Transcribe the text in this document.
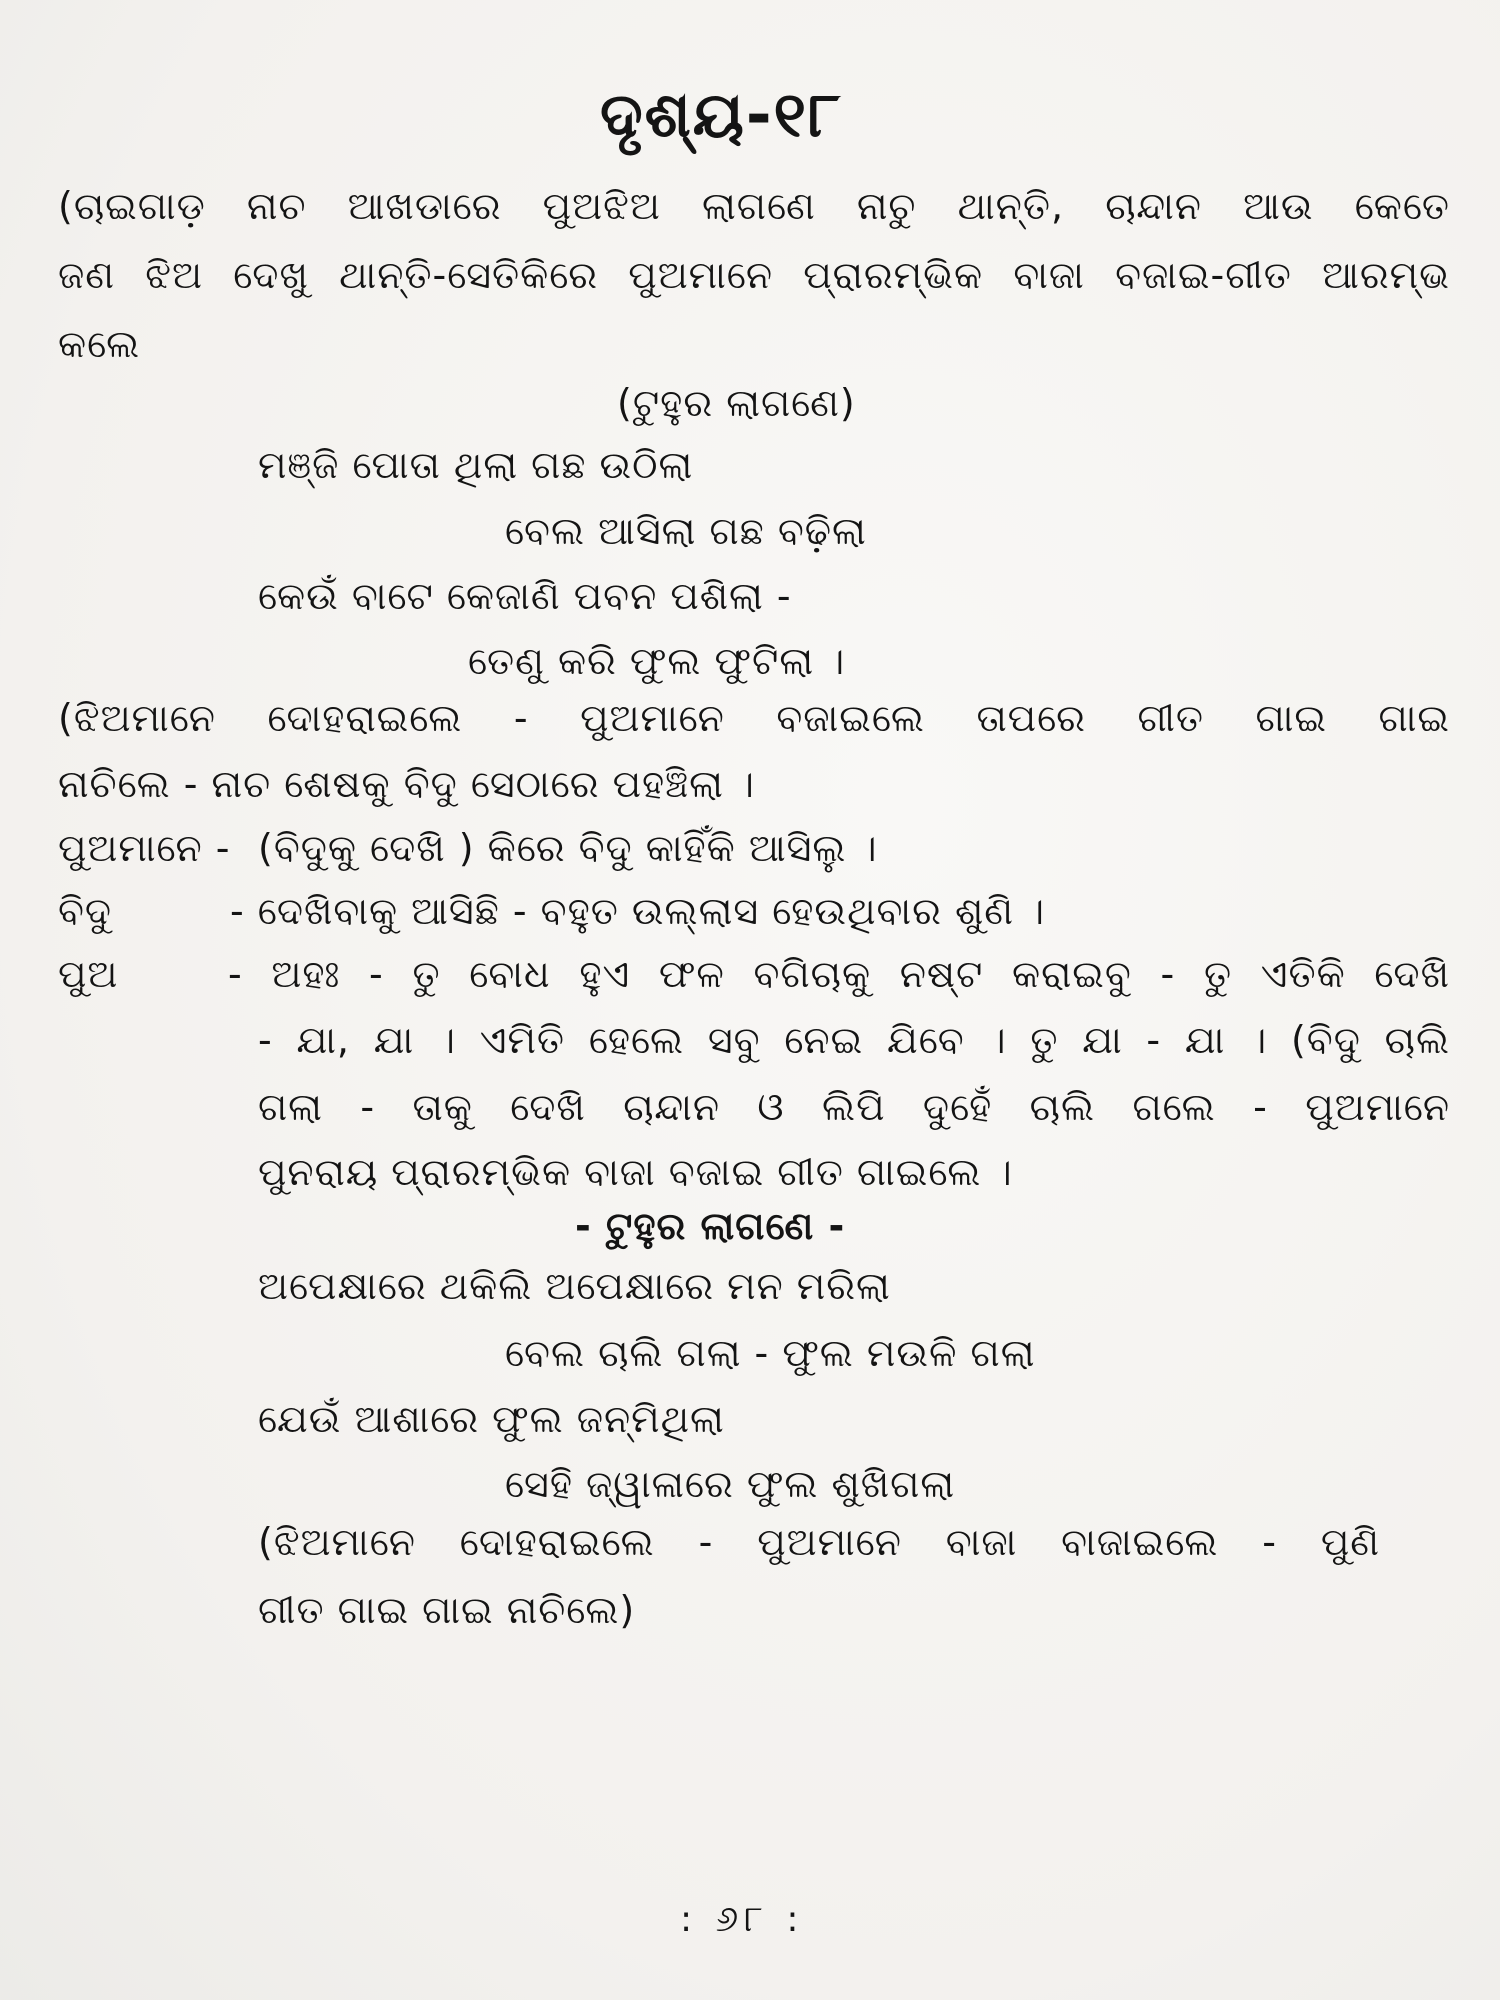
ଦୃଶ୍ୟ-୧୮
(ଚାଇଗାଡ଼ ନାଚ ଆଖଡାରେ ପୁଅଝିଅ ଲାଗଣେ ନାଚୁ ଥାନ୍ତି, ଚାନ୍ଦାନ ଆଉ କେତେ
ଜଣ ଝିଅ ଦେଖୁ ଥାନ୍ତି-ସେତିକିରେ ପୁଅମାନେ ପ୍ରାରମ୍ଭିକ ବାଜା ବଜାଇ-ଗୀତ ଆରମ୍ଭ
କଲେ
(ଟୁହୁର ଲାଗଣେ)
ମଞ୍ଜି ପୋତା ଥିଲା ଗଛ ଉଠିଲା
ବେଲ ଆସିଲା ଗଛ ବଢ଼ିଲା
କେଉଁ ବାଟେ କେଜାଣି ପବନ ପଶିଲା -
ତେଣୁ କରି ଫୁଲ ଫୁଟିଲା ।
(ଝିଅମାନେ ଦୋହରାଇଲେ - ପୁଅମାନେ ବଜାଇଲେ ତାପରେ ଗୀତ ଗାଇ ଗାଇ
ନାଚିଲେ - ନାଚ ଶେଷକୁ ବିଦୁ ସେଠାରେ ପହଞ୍ଚିଲା ।
ପୁଅମାନେ - (ବିଦୁକୁ ଦେଖି ) କିରେ ବିଦୁ କାହିଁକି ଆସିଲୁ ।
ବିଦୁ	- ଦେଖିବାକୁ ଆସିଛି - ବହୁତ ଉଲ୍ଲାସ ହେଉଥିବାର ଶୁଣି ।
ପୁଅ	- ଅହଃ - ତୁ ବୋଧ ହୁଏ ଫଳ ବଗିଚାକୁ ନଷ୍ଟ କରାଇବୁ - ତୁ ଏତିକି ଦେଖି
- ଯା, ଯା । ଏମିତି ହେଲେ ସବୁ ନେଇ ଯିବେ । ତୁ ଯା - ଯା । (ବିଦୁ ଚାଲି
ଗଲା - ତାକୁ ଦେଖି ଚାନ୍ଦାନ ଓ ଲିପି ଦୁହେଁ ଚାଲି ଗଲେ - ପୁଅମାନେ
ପୁନରାୟ ପ୍ରାରମ୍ଭିକ ବାଜା ବଜାଇ ଗୀତ ଗାଇଲେ ।
- ଟୁହୁର ଲାଗଣେ -
ଅପେକ୍ଷାରେ ଥକିଲି ଅପେକ୍ଷାରେ ମନ ମରିଲା
ବେଲ ଚାଲି ଗଲା - ଫୁଲ ମଉଳି ଗଲା
ଯେଉଁ ଆଶାରେ ଫୁଲ ଜନ୍ମିଥିଲା
ସେହି ଜ୍ୱାଳାରେ ଫୁଲ ଶୁଖିଗଲା
(ଝିଅମାନେ ଦୋହରାଇଲେ - ପୁଅମାନେ ବାଜା ବାଜାଇଲେ - ପୁଣି
ଗୀତ ଗାଇ ଗାଇ ନାଚିଲେ)
: ୬୮ :
